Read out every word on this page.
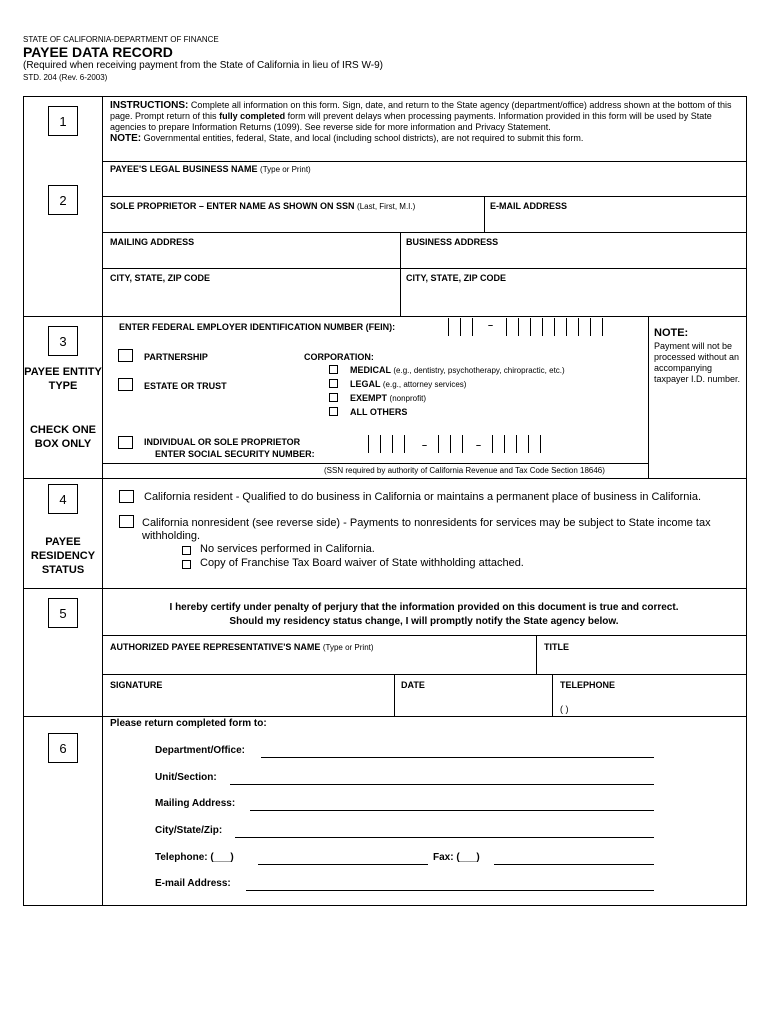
STATE OF CALIFORNIA-DEPARTMENT OF FINANCE
PAYEE DATA RECORD
(Required when receiving payment from the State of California in lieu of IRS W-9)
STD. 204 (Rev. 6-2003)
1
INSTRUCTIONS: Complete all information on this form. Sign, date, and return to the State agency (department/office) address shown at the bottom of this page. Prompt return of this fully completed form will prevent delays when processing payments. Information provided in this form will be used by State agencies to prepare Information Returns (1099). See reverse side for more information and Privacy Statement.
NOTE: Governmental entities, federal, State, and local (including school districts), are not required to submit this form.
2
PAYEE'S LEGAL BUSINESS NAME (Type or Print)
SOLE PROPRIETOR – ENTER NAME AS SHOWN ON SSN (Last, First, M.I.)	E-MAIL ADDRESS
MAILING ADDRESS	BUSINESS ADDRESS
CITY, STATE, ZIP CODE	CITY, STATE, ZIP CODE
3
PAYEE ENTITY TYPE
CHECK ONE BOX ONLY
ENTER FEDERAL EMPLOYER IDENTIFICATION NUMBER (FEIN):	–
NOTE:
Payment will not be processed without an accompanying taxpayer I.D. number.
PARTNERSHIP
ESTATE OR TRUST
CORPORATION:
MEDICAL (e.g., dentistry, psychotherapy, chiropractic, etc.)
LEGAL (e.g., attorney services)
EXEMPT (nonprofit)
ALL OTHERS
INDIVIDUAL OR SOLE PROPRIETOR
ENTER SOCIAL SECURITY NUMBER:
–	–
(SSN required by authority of California Revenue and Tax Code Section 18646)
4
PAYEE RESIDENCY STATUS
California resident - Qualified to do business in California or maintains a permanent place of business in California.
California nonresident (see reverse side) - Payments to nonresidents for services may be subject to State income tax withholding.
No services performed in California.
Copy of Franchise Tax Board waiver of State withholding attached.
5	I hereby certify under penalty of perjury that the information provided on this document is true and correct.
Should my residency status change, I will promptly notify the State agency below.
AUTHORIZED PAYEE REPRESENTATIVE'S NAME (Type or Print)	TITLE
SIGNATURE	DATE	TELEPHONE
( )
6
Please return completed form to:
Department/Office:
Unit/Section:
Mailing Address:
City/State/Zip:
Telephone: (___)	Fax: (___)
E-mail Address:
